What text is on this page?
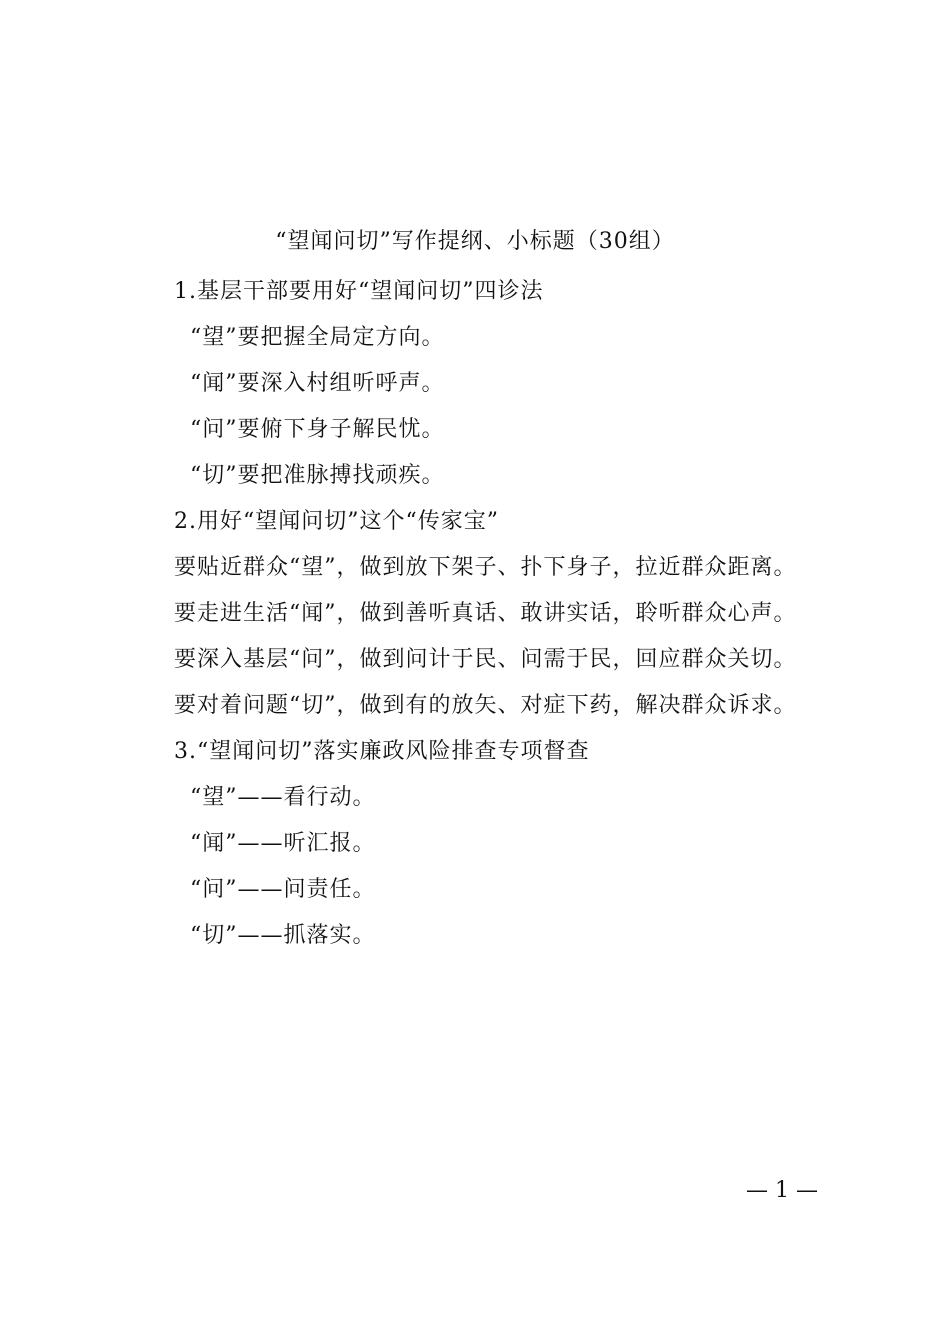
“望闻问切”写作提纲、小标题（30组）

1.基层干部要用好“望闻问切”四诊法

“望”要把握全局定方向。

“闻”要深入村组听呼声。

“问”要俯下身子解民忧。

“切”要把准脉搏找顽疾。

2.用好“望闻问切”这个“传家宝”

要贴近群众“望”，做到放下架子、扑下身子，拉近群众距离。

要走进生活“闻”，做到善听真话、敢讲实话，聆听群众心声。

要深入基层“问”，做到问计于民、问需于民，回应群众关切。

要对着问题“切”，做到有的放矢、对症下药，解决群众诉求。

3.“望闻问切”落实廉政风险排查专项督查

“望”——看行动。

“闻”——听汇报。

“问”——问责任。

“切”——抓落实。

— 1 —
